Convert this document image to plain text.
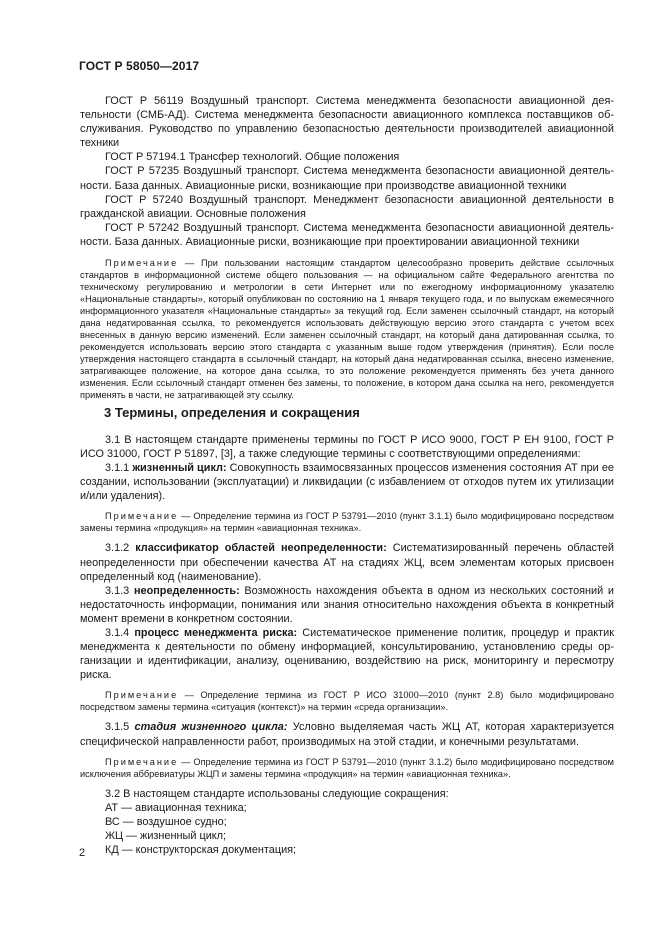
ГОСТ Р 58050—2017

ГОСТ Р 56119 Воздушный транспорт. Система менеджмента безопасности авиационной деятельности (СМБ-АД). Система менеджмента безопасности авиационного комплекса поставщиков обслуживания. Руководство по управлению безопасностью деятельности производителей авиационной техники

ГОСТ Р 57194.1 Трансфер технологий. Общие положения

ГОСТ Р 57235 Воздушный транспорт. Система менеджмента безопасности авиационной деятельности. База данных. Авиационные риски, возникающие при производстве авиационной техники

ГОСТ Р 57240 Воздушный транспорт. Менеджмент безопасности авиационной деятельности в гражданской авиации. Основные положения

ГОСТ Р 57242 Воздушный транспорт. Система менеджмента безопасности авиационной деятельности. База данных. Авиационные риски, возникающие при проектировании авиационной техники

Примечание — При пользовании настоящим стандартом целесообразно проверить действие ссылочных стандартов в информационной системе общего пользования — на официальном сайте Федерального агентства по техническому регулированию и метрологии в сети Интернет или по ежегодному информационному указателю «Национальные стандарты», который опубликован по состоянию на 1 января текущего года, и по выпускам ежемесячного информационного указателя «Национальные стандарты» за текущий год. Если заменен ссылочный стандарт, на который дана недатированная ссылка, то рекомендуется использовать действующую версию этого стандарта с учетом всех внесенных в данную версию изменений. Если заменен ссылочный стандарт, на который дана датированная ссылка, то рекомендуется использовать версию этого стандарта с указанным выше годом утверждения (принятия). Если после утверждения настоящего стандарта в ссылочный стандарт, на который дана недатированная ссылка, внесено изменение, затрагивающее положение, на которое дана ссылка, то это положение рекомендуется применять без учета данного изменения. Если ссылочный стандарт отменен без замены, то положение, в котором дана ссылка на него, рекомендуется применять в части, не затрагивающей эту ссылку.

3 Термины, определения и сокращения

3.1 В настоящем стандарте применены термины по ГОСТ Р ИСО 9000, ГОСТ Р ЕН 9100, ГОСТ Р ИСО 31000, ГОСТ Р 51897, [3], а также следующие термины с соответствующими определениями:

3.1.1 жизненный цикл: Совокупность взаимосвязанных процессов изменения состояния АТ при ее создании, использовании (эксплуатации) и ликвидации (с избавлением от отходов путем их утилизации и/или удаления).

Примечание — Определение термина из ГОСТ Р 53791—2010 (пункт 3.1.1) было модифицировано посредством замены термина «продукция» на термин «авиационная техника».

3.1.2 классификатор областей неопределенности: Систематизированный перечень областей неопределенности при обеспечении качества АТ на стадиях ЖЦ, всем элементам которых присвоен определенный код (наименование).

3.1.3 неопределенность: Возможность нахождения объекта в одном из нескольких состояний и недостаточность информации, понимания или знания относительно нахождения объекта в конкретный момент времени в конкретном состоянии.

3.1.4 процесс менеджмента риска: Систематическое применение политик, процедур и практик менеджмента к деятельности по обмену информацией, консультированию, установлению среды организации и идентификации, анализу, оцениванию, воздействию на риск, мониторингу и пересмотру риска.

Примечание — Определение термина из ГОСТ Р ИСО 31000—2010 (пункт 2.8) было модифицировано посредством замены термина «ситуация (контекст)» на термин «среда организации».

3.1.5 стадия жизненного цикла: Условно выделяемая часть ЖЦ АТ, которая характеризуется специфической направленности работ, производимых на этой стадии, и конечными результатами.

Примечание — Определение термина из ГОСТ Р 53791—2010 (пункт 3.1.2) было модифицировано посредством исключения аббревиатуры ЖЦП и замены термина «продукция» на термин «авиационная техника».

3.2 В настоящем стандарте использованы следующие сокращения:

АТ — авиационная техника;

ВС — воздушное судно;

ЖЦ — жизненный цикл;

КД — конструкторская документация;

2
